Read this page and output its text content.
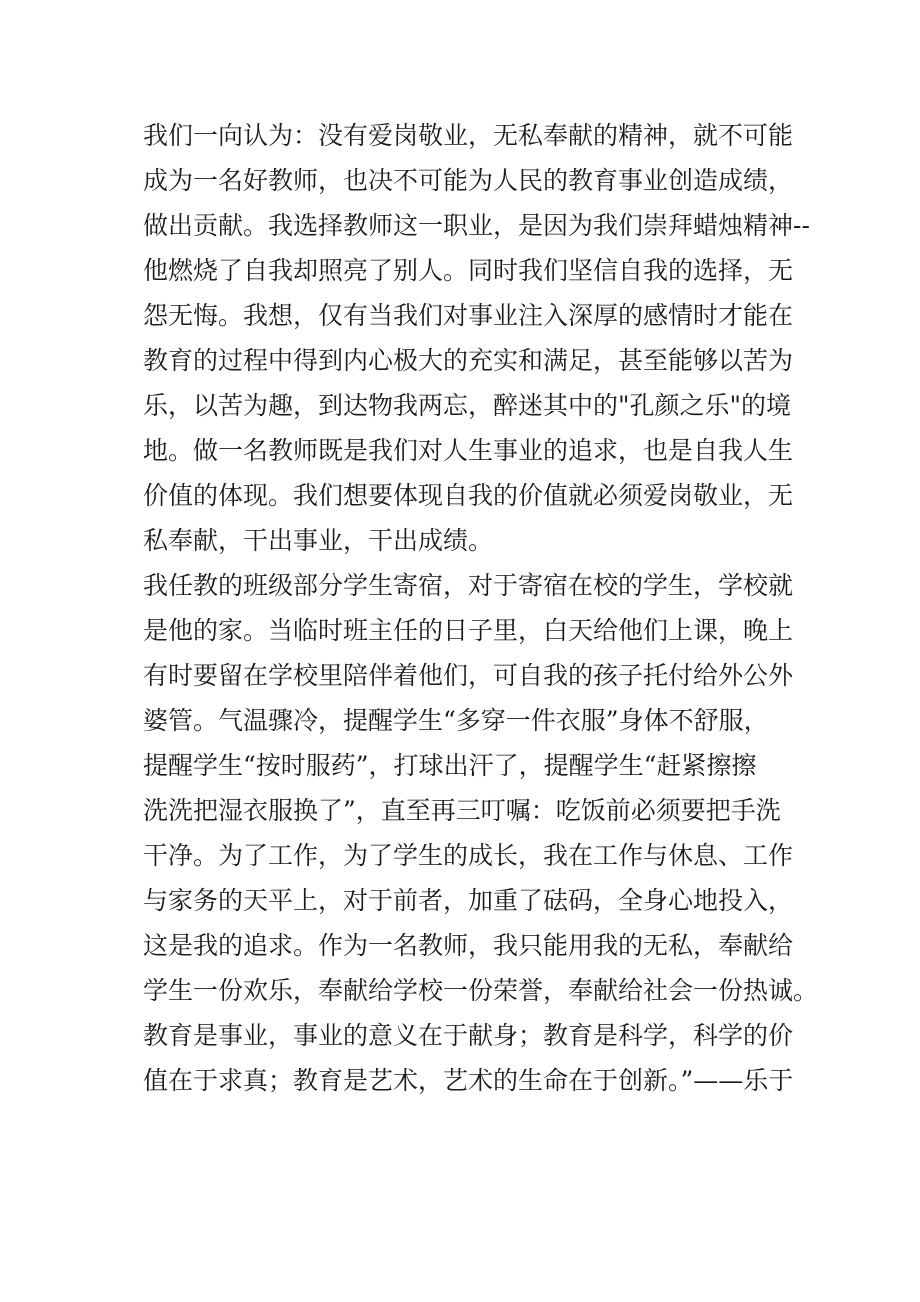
我们一向认为：没有爱岗敬业，无私奉献的精神，就不可能
成为一名好教师，也决不可能为人民的教育事业创造成绩，
做出贡献。我选择教师这一职业，是因为我们崇拜蜡烛精神--
他燃烧了自我却照亮了别人。同时我们坚信自我的选择，无
怨无悔。我想，仅有当我们对事业注入深厚的感情时才能在
教育的过程中得到内心极大的充实和满足，甚至能够以苦为
乐，以苦为趣，到达物我两忘，醉迷其中的"孔颜之乐"的境
地。做一名教师既是我们对人生事业的追求，也是自我人生
价值的体现。我们想要体现自我的价值就必须爱岗敬业，无
私奉献，干出事业，干出成绩。
我任教的班级部分学生寄宿，对于寄宿在校的学生，学校就
是他的家。当临时班主任的日子里，白天给他们上课，晚上
有时要留在学校里陪伴着他们，可自我的孩子托付给外公外
婆管。气温骤冷，提醒学生“多穿一件衣服”身体不舒服，
提醒学生“按时服药”，打球出汗了，提醒学生“赶紧擦擦
洗洗把湿衣服换了”，直至再三叮嘱：吃饭前必须要把手洗
干净。为了工作，为了学生的成长，我在工作与休息、工作
与家务的天平上，对于前者，加重了砝码，全身心地投入，
这是我的追求。作为一名教师，我只能用我的无私，奉献给
学生一份欢乐，奉献给学校一份荣誉，奉献给社会一份热诚。
教育是事业，事业的意义在于献身；教育是科学，科学的价
值在于求真；教育是艺术，艺术的生命在于创新。”——乐于
